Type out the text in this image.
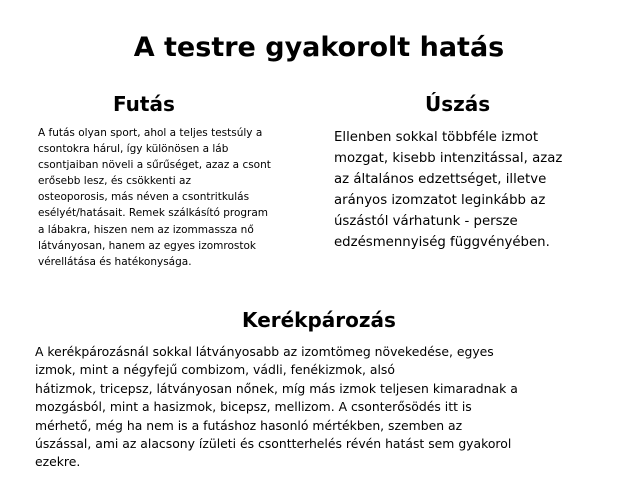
A testre gyakorolt hatás
Futás
A futás olyan sport, ahol a teljes testsúly a
csontokra hárul, így különösen a láb
csontjaiban növeli a sűrűséget, azaz a csont
erősebb lesz, és csökkenti az
osteoporosis, más néven a csontritkulás
esélyét/hatásait. Remek szálkásító program
a lábakra, hiszen nem az izommassza nő
látványosan, hanem az egyes izomrostok
vérellátása és hatékonysága.
Úszás
Ellenben sokkal többféle izmot
mozgat, kisebb intenzitással, azaz
az általános edzettséget, illetve
arányos izomzatot leginkább az
úszástól várhatunk - persze
edzésmennyiség függvényében.
Kerékpározás
A kerékpározásnál sokkal látványosabb az izomtömeg növekedése, egyes
izmok, mint a négyfejű combizom, vádli, fenékizmok, alsó
hátizmok, tricepsz, látványosan nőnek, míg más izmok teljesen kimaradnak a
mozgásból, mint a hasizmok, bicepsz, mellizom. A csonterősödés itt is
mérhető, még ha nem is a futáshoz hasonló mértékben, szemben az
úszással, ami az alacsony ízületi és csontterhelés révén hatást sem gyakorol
ezekre.
